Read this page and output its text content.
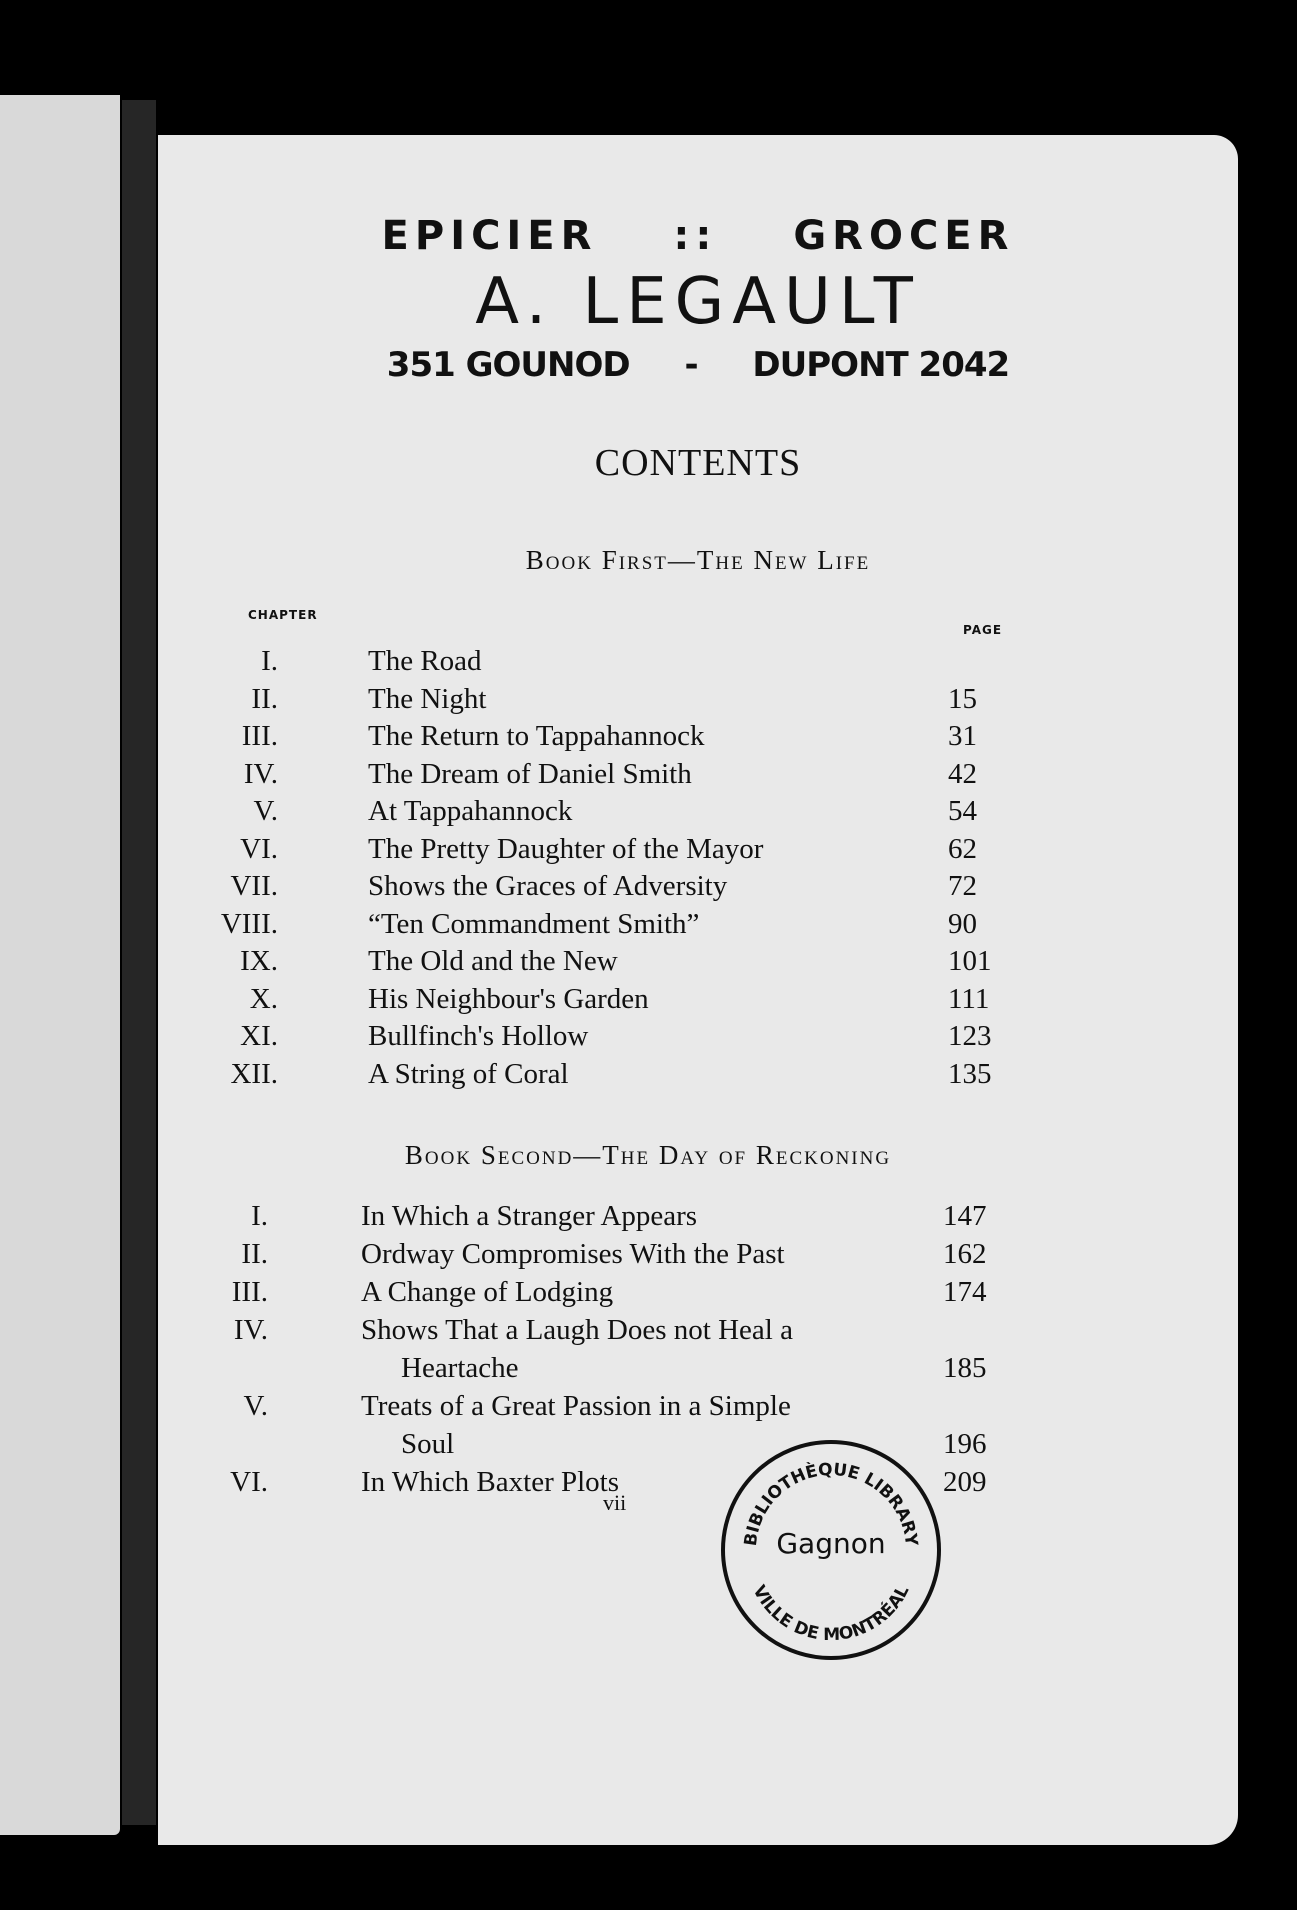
EPICIER :: GROCER
A. LEGAULT
351 GOUNOD - DUPONT 2042
CONTENTS
Book First—The New Life
CHAPTER
PAGE
I.	The Road
II.	The Night	15
III.	The Return to Tappahannock	31
IV.	The Dream of Daniel Smith	42
V.	At Tappahannock	54
VI.	The Pretty Daughter of the Mayor	62
VII.	Shows the Graces of Adversity	72
VIII.	“Ten Commandment Smith”	90
IX.	The Old and the New	101
X.	His Neighbour's Garden	111
XI.	Bullfinch's Hollow	123
XII.	A String of Coral	135
Book Second—The Day of Reckoning
I.	In Which a Stranger Appears	147
II.	Ordway Compromises With the Past	162
III.	A Change of Lodging	174
IV.	Shows That a Laugh Does not Heal a
Heartache	185
V.	Treats of a Great Passion in a Simple
Soul	196
VI.	In Which Baxter Plots	209
vii
BIBLIOTHÈQUE LIBRARY
Gagnon
VILLE DE MONTRÉAL
